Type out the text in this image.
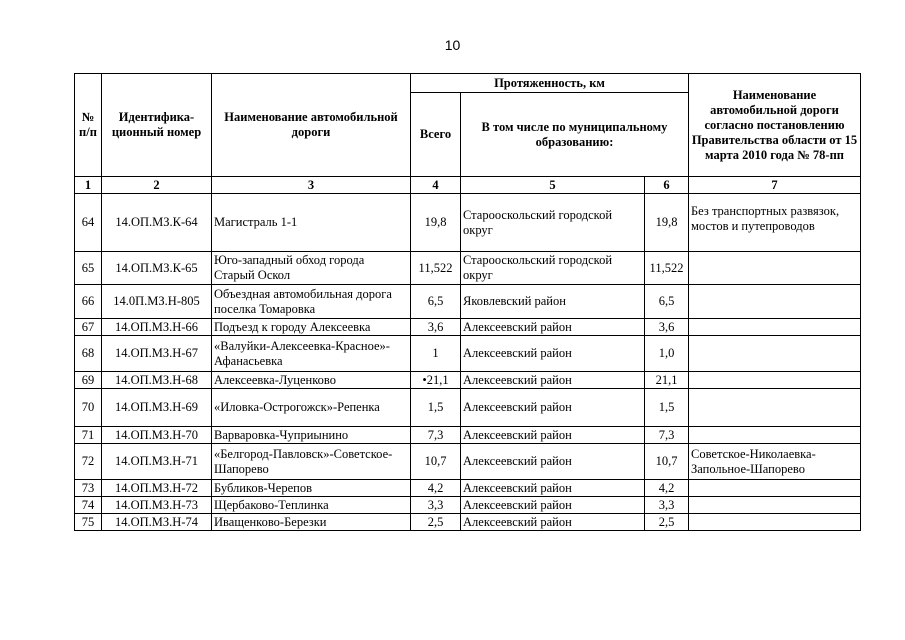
10
№ п/п	Идентифика-ционный номер	Наименование автомобильной дороги	Протяженность, км			Наименование автомобильной дороги согласно постановлению Правительства области от 15 марта 2010 года № 78-пп
			Всего	В том числе по муниципальному образованию:		
1	2	3	4	5	6	7
64	14.ОП.МЗ.К-64	Магистраль 1-1	19,8	Старооскольский городской округ	19,8	Без транспортных развязок, мостов и путепроводов
65	14.ОП.МЗ.К-65	Юго-западный обход города Старый Оскол	11,522	Старооскольский городской округ	11,522	
66	14.0П.МЗ.Н-805	Объездная автомобильная дорога поселка Томаровка	6,5	Яковлевский район	6,5	
67	14.ОП.МЗ.Н-66	Подъезд к городу Алексеевка	3,6	Алексеевский район	3,6	
68	14.ОП.МЗ.Н-67	«Валуйки-Алексеевка-Красное»-Афанасьевка	1	Алексеевский район	1,0	
69	14.ОП.МЗ.Н-68	Алексеевка-Луценково	•21,1	Алексеевский район	21,1	
70	14.ОП.МЗ.Н-69	«Иловка-Острогожск»-Репенка	1,5	Алексеевский район	1,5	
71	14.ОП.МЗ.Н-70	Варваровка-Чуприынино	7,3	Алексеевский район	7,3	
72	14.ОП.МЗ.Н-71	«Белгород-Павловск»-Советское-Шапорево	10,7	Алексеевский район	10,7	Советское-Николаевка-Запольное-Шапорево
73	14.ОП.МЗ.Н-72	Бубликов-Черепов	4,2	Алексеевский район	4,2	
74	14.ОП.МЗ.Н-73	Щербаково-Теплинка	3,3	Алексеевский район	3,3	
75	14.ОП.МЗ.Н-74	Иващенково-Березки	2,5	Алексеевский район	2,5	
